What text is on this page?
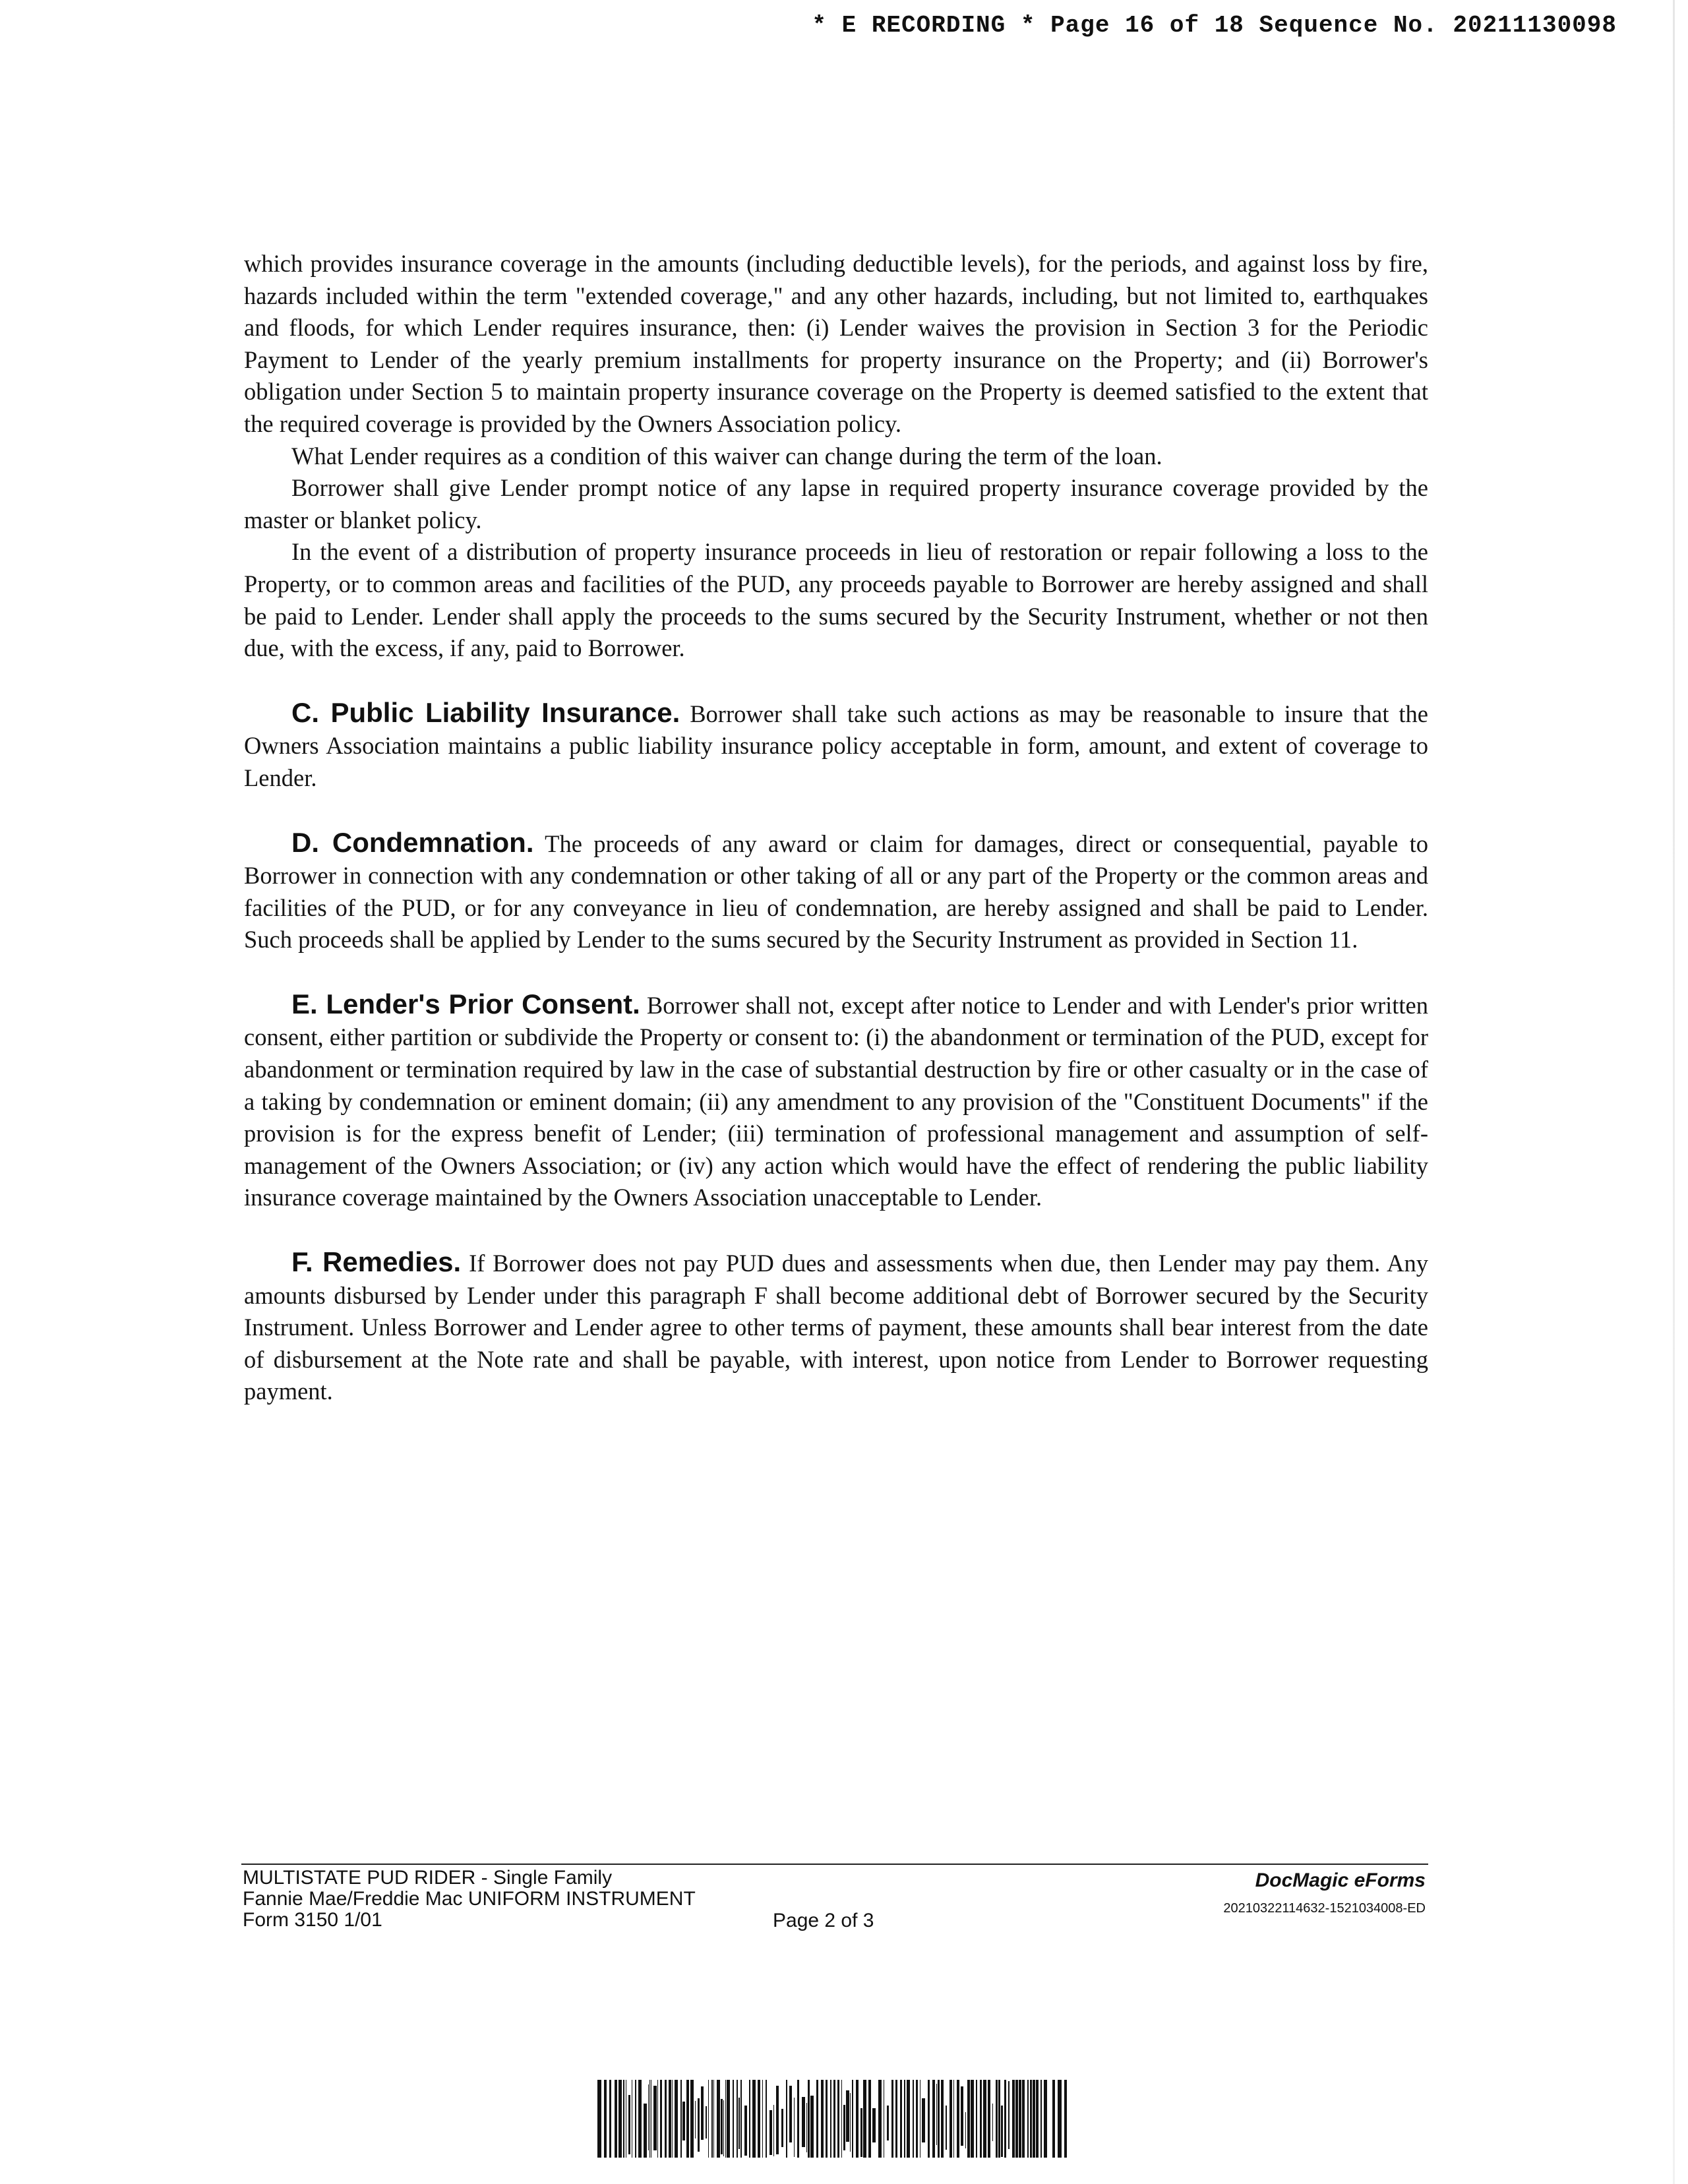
* E RECORDING * Page 16 of 18 Sequence No. 20211130098

which provides insurance coverage in the amounts (including deductible levels), for the periods, and against loss by fire, hazards included within the term "extended coverage," and any other hazards, including, but not limited to, earthquakes and floods, for which Lender requires insurance, then: (i) Lender waives the provision in Section 3 for the Periodic Payment to Lender of the yearly premium installments for property insurance on the Property; and (ii) Borrower's obligation under Section 5 to maintain property insurance coverage on the Property is deemed satisfied to the extent that the required coverage is provided by the Owners Association policy.

What Lender requires as a condition of this waiver can change during the term of the loan.

Borrower shall give Lender prompt notice of any lapse in required property insurance coverage provided by the master or blanket policy.

In the event of a distribution of property insurance proceeds in lieu of restoration or repair following a loss to the Property, or to common areas and facilities of the PUD, any proceeds payable to Borrower are hereby assigned and shall be paid to Lender. Lender shall apply the proceeds to the sums secured by the Security Instrument, whether or not then due, with the excess, if any, paid to Borrower.

C. Public Liability Insurance. Borrower shall take such actions as may be reasonable to insure that the Owners Association maintains a public liability insurance policy acceptable in form, amount, and extent of coverage to Lender.

D. Condemnation. The proceeds of any award or claim for damages, direct or consequential, payable to Borrower in connection with any condemnation or other taking of all or any part of the Property or the common areas and facilities of the PUD, or for any conveyance in lieu of condemnation, are hereby assigned and shall be paid to Lender. Such proceeds shall be applied by Lender to the sums secured by the Security Instrument as provided in Section 11.

E. Lender's Prior Consent. Borrower shall not, except after notice to Lender and with Lender's prior written consent, either partition or subdivide the Property or consent to: (i) the abandonment or termination of the PUD, except for abandonment or termination required by law in the case of substantial destruction by fire or other casualty or in the case of a taking by condemnation or eminent domain; (ii) any amendment to any provision of the "Constituent Documents" if the provision is for the express benefit of Lender; (iii) termination of professional management and assumption of self-management of the Owners Association; or (iv) any action which would have the effect of rendering the public liability insurance coverage maintained by the Owners Association unacceptable to Lender.

F. Remedies. If Borrower does not pay PUD dues and assessments when due, then Lender may pay them. Any amounts disbursed by Lender under this paragraph F shall become additional debt of Borrower secured by the Security Instrument. Unless Borrower and Lender agree to other terms of payment, these amounts shall bear interest from the date of disbursement at the Note rate and shall be payable, with interest, upon notice from Lender to Borrower requesting payment.

MULTISTATE PUD RIDER - Single Family
Fannie Mae/Freddie Mac UNIFORM INSTRUMENT
Form 3150 1/01	Page 2 of 3
DocMagic eForms
20210322114632-1521034008-ED
